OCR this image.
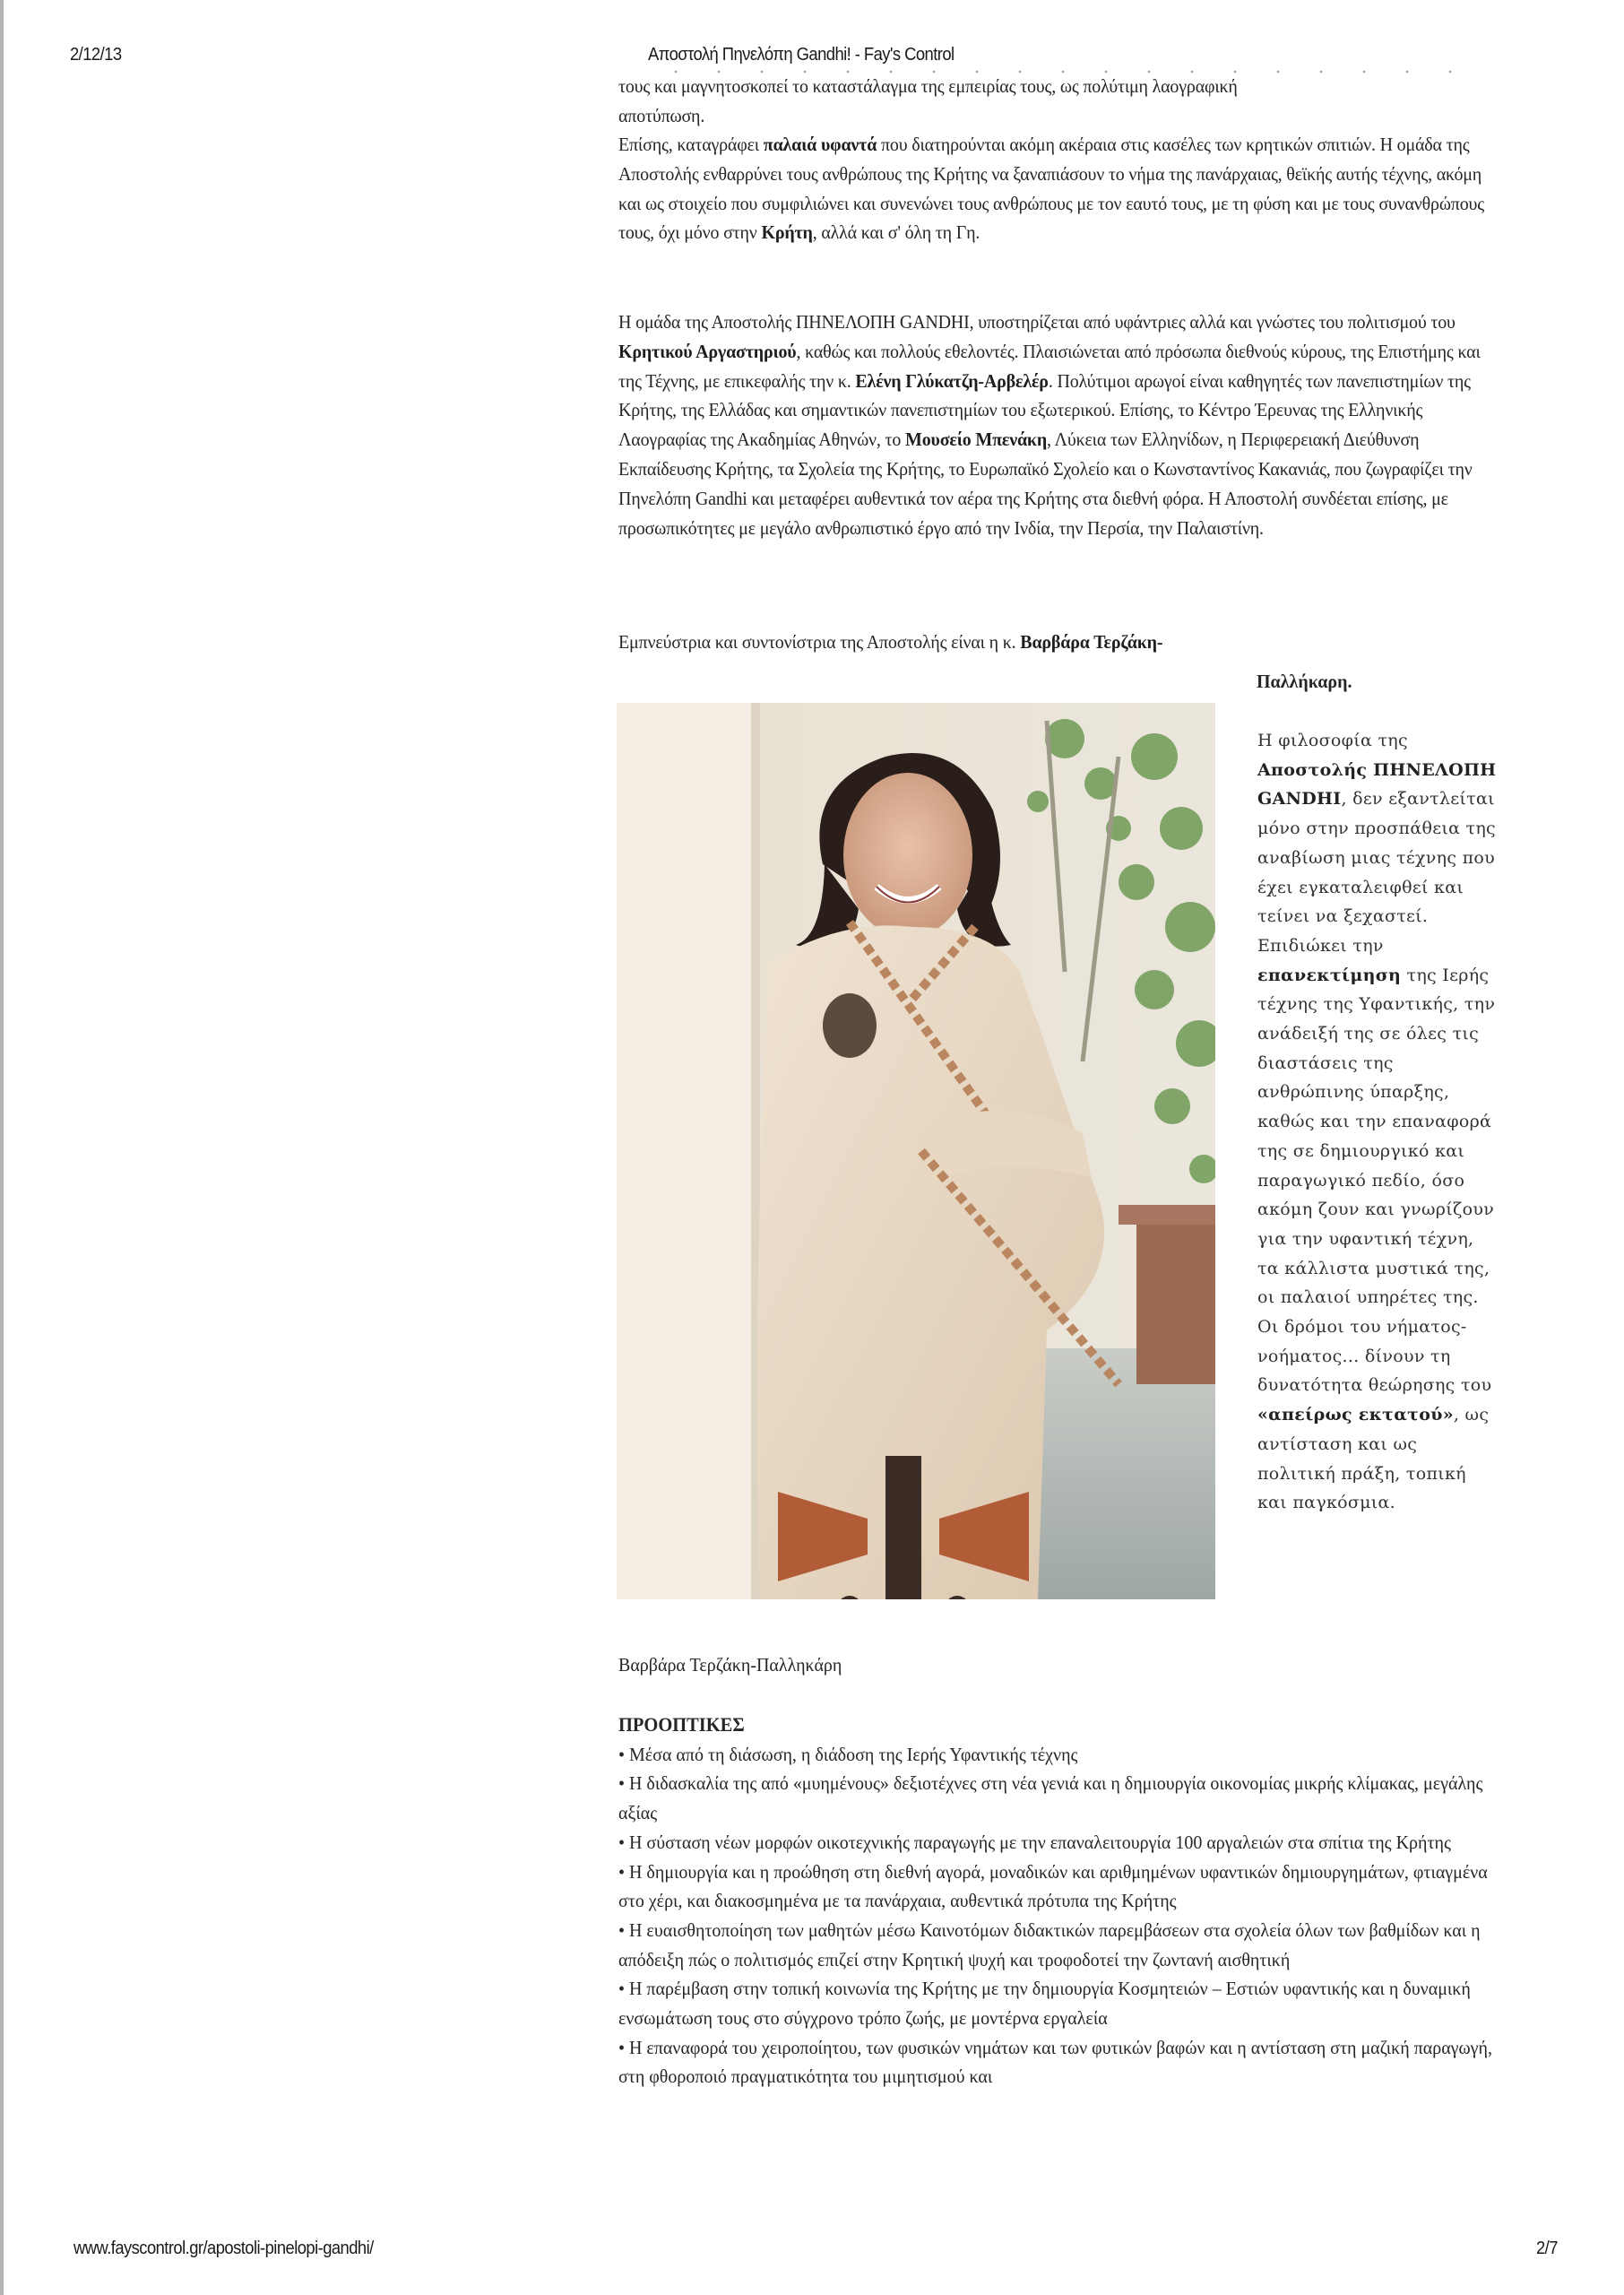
2/12/13	Αποστολή Πηνελόπη Gandhi! - Fay's Control

τους και μαγνητοσκοπεί το καταστάλαγμα της εμπειρίας τους, ως πολύτιμη λαογραφική

αποτύπωση.

Επίσης, καταγράφει παλαιά υφαντά που διατηρούνται ακόμη ακέραια στις κασέλες των κρητικών σπιτιών. Η ομάδα της Αποστολής ενθαρρύνει τους ανθρώπους της Κρήτης να ξαναπιάσουν το νήμα της πανάρχαιας, θεϊκής αυτής τέχνης, ακόμη και ως στοιχείο που συμφιλιώνει και συνενώνει τους ανθρώπους με τον εαυτό τους, με τη φύση και με τους συνανθρώπους τους, όχι μόνο στην Κρήτη, αλλά και σ' όλη τη Γη.

Η ομάδα της Αποστολής ΠΗΝΕΛΟΠΗ GANDHI, υποστηρίζεται από υφάντριες αλλά και γνώστες του πολιτισμού του Κρητικού Αργαστηριού, καθώς και πολλούς εθελοντές. Πλαισιώνεται από πρόσωπα διεθνούς κύρους, της Επιστήμης και της Τέχνης, με επικεφαλής την κ. Ελένη Γλύκατζη-Αρβελέρ. Πολύτιμοι αρωγοί είναι καθηγητές των πανεπιστημίων της Κρήτης, της Ελλάδας και σημαντικών πανεπιστημίων του εξωτερικού. Επίσης, το Κέντρο Έρευνας της Ελληνικής Λαογραφίας της Ακαδημίας Αθηνών, το Μουσείο Μπενάκη, Λύκεια των Ελληνίδων, η Περιφερειακή Διεύθυνση Εκπαίδευσης Κρήτης, τα Σχολεία της Κρήτης, το Ευρωπαϊκό Σχολείο και ο Κωνσταντίνος Κακανιάς, που ζωγραφίζει την Πηνελόπη Gandhi και μεταφέρει αυθεντικά τον αέρα της Κρήτης στα διεθνή φόρα. Η Αποστολή συνδέεται επίσης, με προσωπικότητες με μεγάλο ανθρωπιστικό έργο από την Ινδία, την Περσία, την Παλαιστίνη.

Εμπνεύστρια και συντονίστρια της Αποστολής είναι η κ. Βαρβάρα Τερζάκη-

Παλλήκαρη.
Βαρβάρα Τερζάκη-Παλληκάρη
Η φιλοσοφία της Αποστολής ΠΗΝΕΛΟΠΗ GANDHI, δεν εξαντλείται μόνο στην προσπάθεια της αναβίωση μιας τέχνης που έχει εγκαταλειφθεί και τείνει να ξεχαστεί. Επιδιώκει την επανεκτίμηση της Ιερής τέχνης της Υφαντικής, την ανάδειξή της σε όλες τις διαστάσεις της ανθρώπινης ύπαρξης, καθώς και την επαναφορά της σε δημιουργικό και παραγωγικό πεδίο, όσο ακόμη ζουν και γνωρίζουν για την υφαντική τέχνη, τα κάλλιστα μυστικά της, οι παλαιοί υπηρέτες της. Οι δρόμοι του νήματος-νοήματος... δίνουν τη δυνατότητα θεώρησης του «απείρως εκτατού», ως αντίσταση και ως πολιτική πράξη, τοπική και παγκόσμια.
ΠΡΟΟΠΤΙΚΕΣ

• Μέσα από τη διάσωση, η διάδοση της Ιερής Υφαντικής τέχνης

• Η διδασκαλία της από «μυημένους» δεξιοτέχνες στη νέα γενιά και η δημιουργία οικονομίας μικρής κλίμακας, μεγάλης αξίας

• Η σύσταση νέων μορφών οικοτεχνικής παραγωγής με την επαναλειτουργία 100 αργαλειών στα σπίτια της Κρήτης

• Η δημιουργία και η προώθηση στη διεθνή αγορά, μοναδικών και αριθμημένων υφαντικών δημιουργημάτων, φτιαγμένα στο χέρι, και διακοσμημένα με τα πανάρχαια, αυθεντικά πρότυπα της Κρήτης

• Η ευαισθητοποίηση των μαθητών μέσω Καινοτόμων διδακτικών παρεμβάσεων στα σχολεία όλων των βαθμίδων και η απόδειξη πώς ο πολιτισμός επιζεί στην Κρητική ψυχή και τροφοδοτεί την ζωντανή αισθητική

• Η παρέμβαση στην τοπική κοινωνία της Κρήτης με την δημιουργία Κοσμητειών – Εστιών υφαντικής και η δυναμική ενσωμάτωση τους στο σύγχρονο τρόπο ζωής, με μοντέρνα εργαλεία

• Η επαναφορά του χειροποίητου, των φυσικών νημάτων και των φυτικών βαφών και η αντίσταση στη μαζική παραγωγή, στη φθοροποιό πραγματικότητα του μιμητισμού και

www.fayscontrol.gr/apostoli-pinelopi-gandhi/	2/7
